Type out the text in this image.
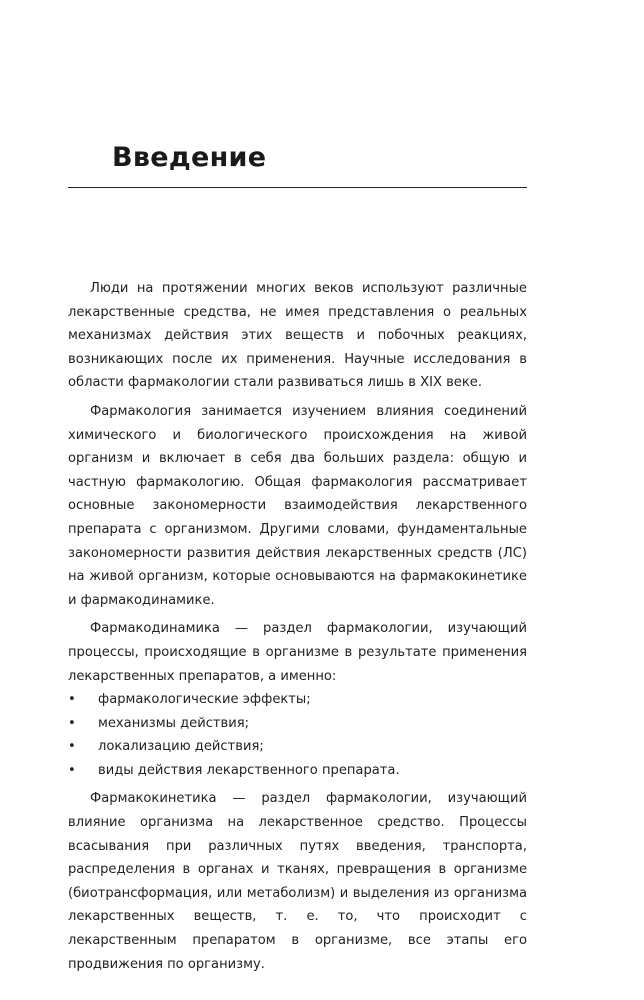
Введение

Люди на протяжении многих веков используют различные лекарственные средства, не имея представления о реальных механизмах действия этих веществ и побочных реакциях, возникающих после их применения. Научные исследования в области фармакологии стали развиваться лишь в XIX веке.

Фармакология занимается изучением влияния соединений химического и биологического происхождения на живой организм и включает в себя два больших раздела: общую и частную фармакологию. Общая фармакология рассматривает основные закономерности взаимодействия лекарственного препарата с организмом. Другими словами, фундаментальные закономерности развития действия лекарственных средств (ЛС) на живой организм, которые основываются на фармакокинетике и фармакодинамике.

Фармакодинамика — раздел фармакологии, изучающий процессы, происходящие в организме в результате применения лекарственных препаратов, а именно:

• фармакологические эффекты;
• механизмы действия;
• локализацию действия;
• виды действия лекарственного препарата.

Фармакокинетика — раздел фармакологии, изучающий влияние организма на лекарственное средство. Процессы всасывания при различных путях введения, транспорта, распределения в органах и тканях, превращения в организме (биотрансформация, или метаболизм) и выделения из организма лекарственных веществ, т. е. то, что происходит с лекарственным препаратом в организме, все этапы его продвижения по организму.
